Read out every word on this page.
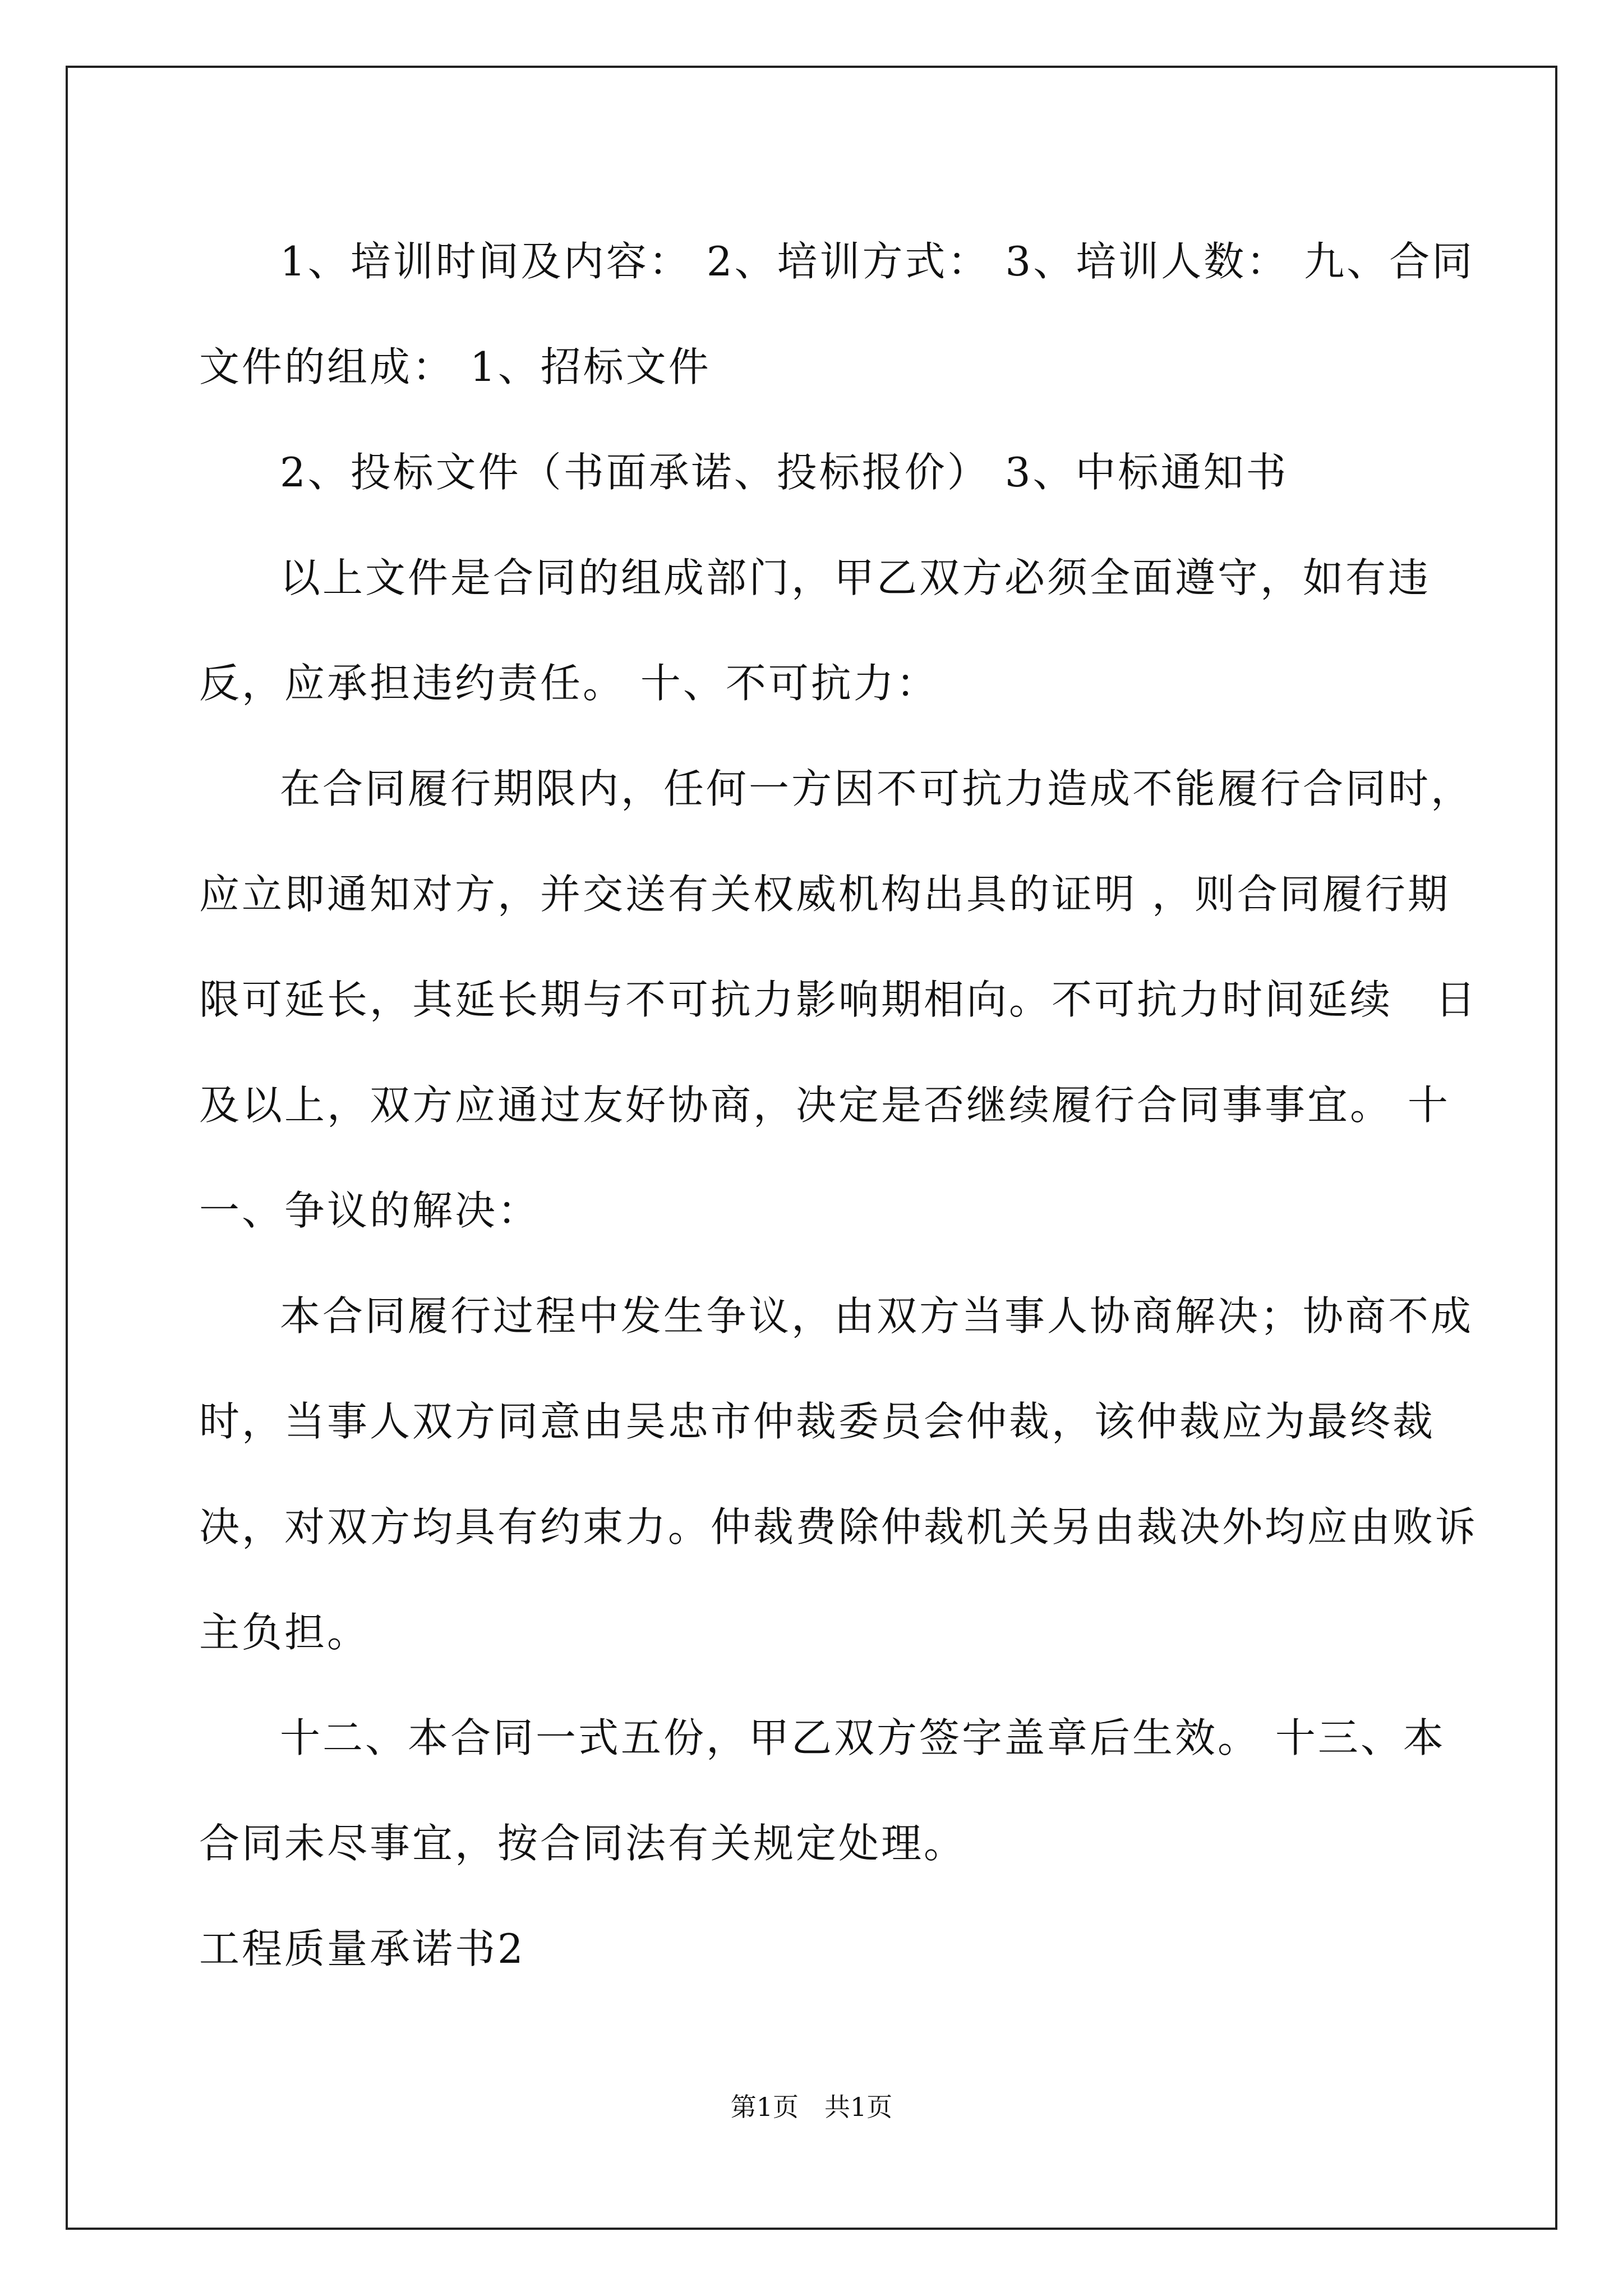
1、培训时间及内容： 2、培训方式： 3、培训人数： 九、合同文件的组成： 1、招标文件

2、投标文件（书面承诺、投标报价） 3、中标通知书

以上文件是合同的组成部门，甲乙双方必须全面遵守，如有违反，应承担违约责任。 十、不可抗力：

在合同履行期限内，任何一方因不可抗力造成不能履行合同时，应立即通知对方，并交送有关权威机构出具的证明 ，则合同履行期限可延长，其延长期与不可抗力影响期相向。不可抗力时间延续　日及以上，双方应通过友好协商，决定是否继续履行合同事事宜。 十一、争议的解决：

本合同履行过程中发生争议，由双方当事人协商解决；协商不成时，当事人双方同意由吴忠市仲裁委员会仲裁，该仲裁应为最终裁决，对双方均具有约束力。仲裁费除仲裁机关另由裁决外均应由败诉主负担。

十二、本合同一式五份，甲乙双方签字盖章后生效。 十三、本合同未尽事宜，按合同法有关规定处理。

工程质量承诺书2

第1页　共1页
